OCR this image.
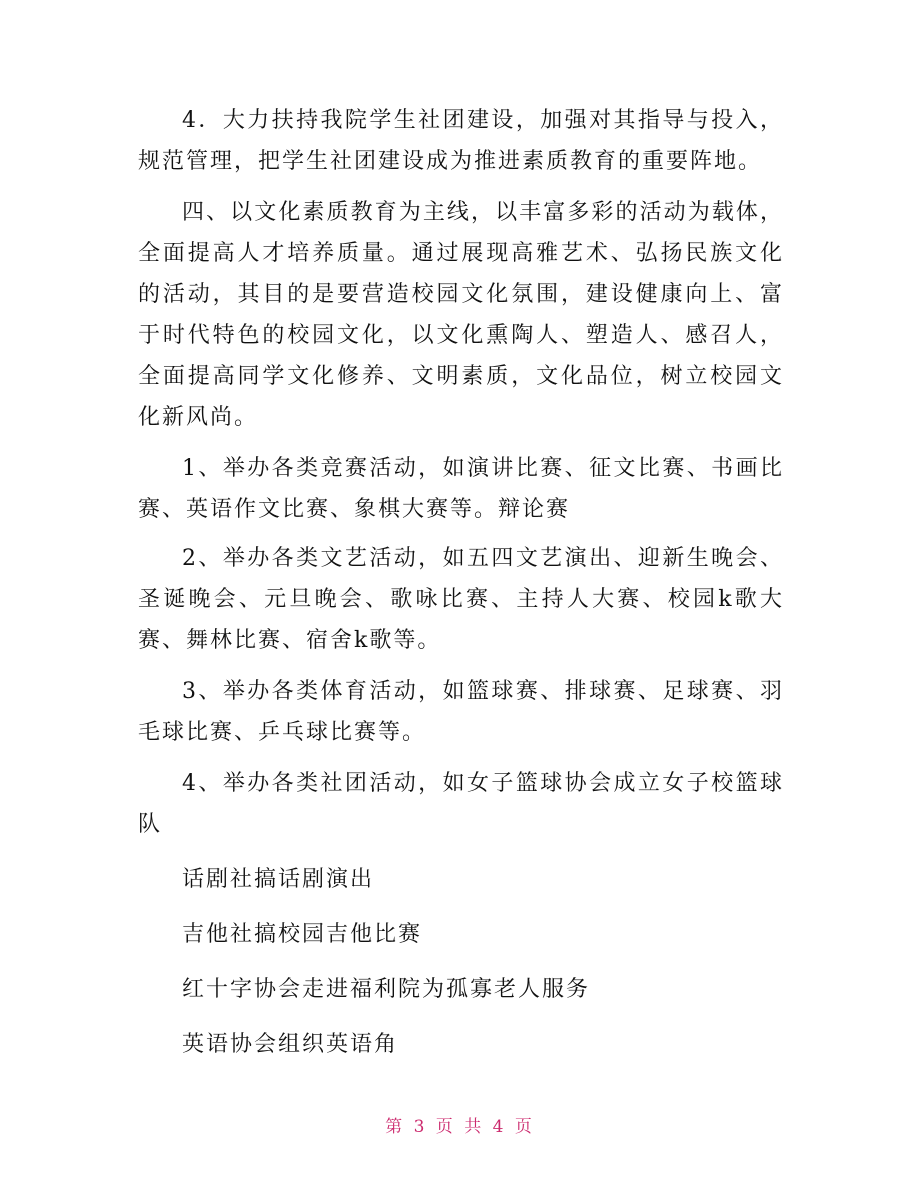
4．大力扶持我院学生社团建设，加强对其指导与投入，规范管理，把学生社团建设成为推进素质教育的重要阵地。

四、以文化素质教育为主线，以丰富多彩的活动为载体，全面提高人才培养质量。通过展现高雅艺术、弘扬民族文化的活动，其目的是要营造校园文化氛围，建设健康向上、富于时代特色的校园文化，以文化熏陶人、塑造人、感召人，全面提高同学文化修养、文明素质，文化品位，树立校园文化新风尚。

1、举办各类竞赛活动，如演讲比赛、征文比赛、书画比赛、英语作文比赛、象棋大赛等。辩论赛

2、举办各类文艺活动，如五四文艺演出、迎新生晚会、圣诞晚会、元旦晚会、歌咏比赛、主持人大赛、校园k歌大赛、舞林比赛、宿舍k歌等。

3、举办各类体育活动，如篮球赛、排球赛、足球赛、羽毛球比赛、乒乓球比赛等。

4、举办各类社团活动，如女子篮球协会成立女子校篮球队

话剧社搞话剧演出

吉他社搞校园吉他比赛

红十字协会走进福利院为孤寡老人服务

英语协会组织英语角

第 3 页 共 4 页
